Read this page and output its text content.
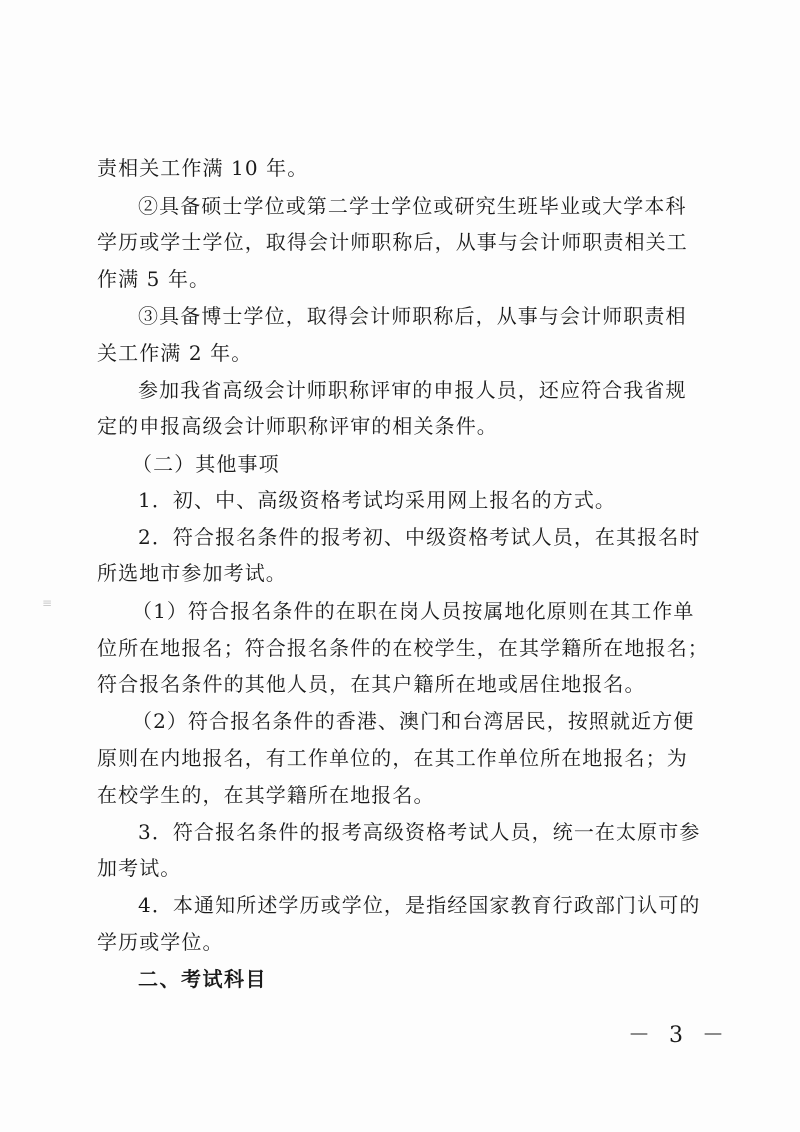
责相关工作满 10 年。

②具备硕士学位或第二学士学位或研究生班毕业或大学本科

学历或学士学位，取得会计师职称后，从事与会计师职责相关工

作满 5 年。

③具备博士学位，取得会计师职称后，从事与会计师职责相

关工作满 2 年。

参加我省高级会计师职称评审的申报人员，还应符合我省规

定的申报高级会计师职称评审的相关条件。

（二）其他事项

1．初、中、高级资格考试均采用网上报名的方式。

2．符合报名条件的报考初、中级资格考试人员，在其报名时

所选地市参加考试。

（1）符合报名条件的在职在岗人员按属地化原则在其工作单

位所在地报名；符合报名条件的在校学生，在其学籍所在地报名；

符合报名条件的其他人员，在其户籍所在地或居住地报名。

（2）符合报名条件的香港、澳门和台湾居民，按照就近方便

原则在内地报名，有工作单位的，在其工作单位所在地报名；为

在校学生的，在其学籍所在地报名。

3．符合报名条件的报考高级资格考试人员，统一在太原市参

加考试。

4．本通知所述学历或学位，是指经国家教育行政部门认可的

学历或学位。

二、考试科目

－ 3 －
≡
